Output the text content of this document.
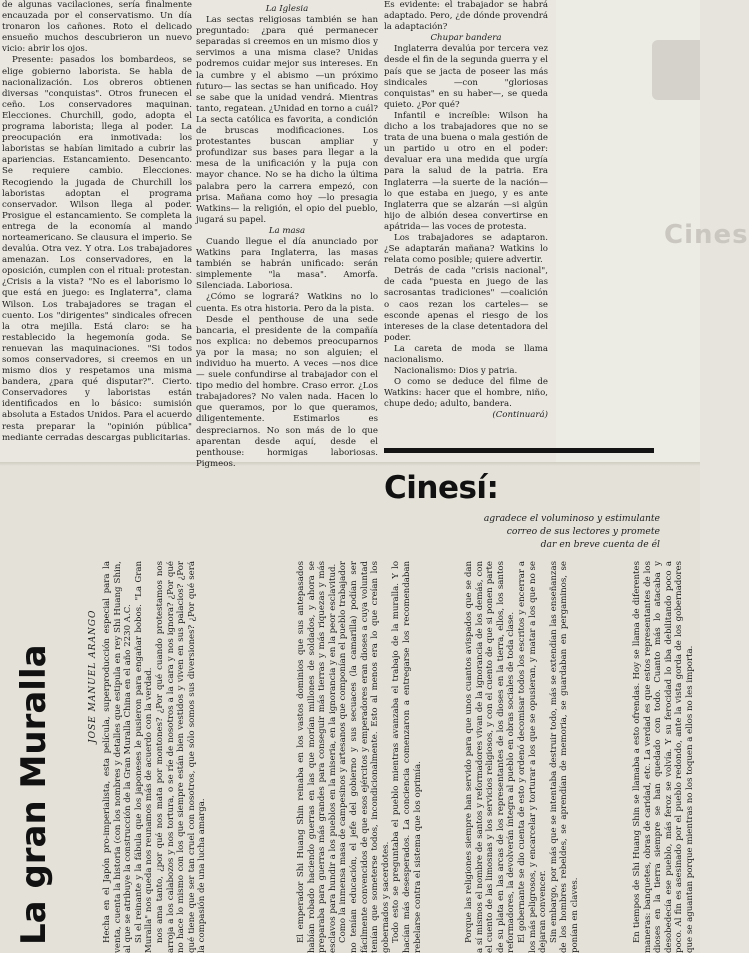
Cines

de algunas vacilaciones, sería finalmente encauzada por el conservatismo. Un día tronaron los cañones. Roto el delicado ensueño muchos descubrieron un nuevo vicio: abrir los ojos.

Presente: pasados los bombardeos, se elige gobierno laborista. Se habla de nacionalización. Los obreros obtienen diversas "conquistas". Otros frunecen el ceño. Los conservadores maquinan. Elecciones. Churchill, godo, adopta el programa laborista; llega al poder. La preocupación era inmotivada: los laboristas se habían limitado a cubrir las apariencias. Estancamiento. Desencanto. Se requiere cambio. Elecciones. Recogiendo la jugada de Churchill los laboristas adoptan el programa conservador. Wilson llega al poder. Prosigue el estancamiento. Se completa la entrega de la economía al mando norteamericano. Se clausura el imperio. Se devalúa. Otra vez. Y otra. Los trabajadores amenazan. Los conservadores, en la oposición, cumplen con el ritual: protestan. ¿Crisis a la vista? "No es el laborismo lo que está en juego: es Inglaterra", clama Wilson. Los trabajadores se tragan el cuento. Los "dirigentes" sindicales ofrecen la otra mejilla. Está claro: se ha restablecido la hegemonía goda. Se renuevan las maquinaciones. "Si todos somos conservadores, si creemos en un mismo dios y respetamos una misma bandera, ¿para qué disputar?". Cierto. Conservadores y laboristas están identificados en lo básico: sumisión absoluta a Estados Unidos. Para el acuerdo resta preparar la "opinión pública" mediante cerradas descargas publicitarias.

La Iglesia

Las sectas religiosas también se han preguntado: ¿para qué permanecer separadas si creemos en un mismo dios y servimos a una misma clase? Unidas podremos cuidar mejor sus intereses. En la cumbre y el abismo —un próximo futuro— las sectas se han unificado. Hoy se sabe que la unidad vendrá. Mientras tanto, regatean. ¿Unidad en torno a cuál? La secta católica es favorita, a condición de bruscas modificaciones. Los protestantes buscan ampliar y profundizar sus bases para llegar a la mesa de la unificación y la puja con mayor chance. No se ha dicho la última palabra pero la carrera empezó, con prisa. Mañana como hoy —lo presagia Watkins— la religión, el opio del pueblo, jugará su papel.

La masa

Cuando llegue el día anunciado por Watkins para Inglaterra, las masas también se habrán unificado: serán simplemente "la masa". Amorfa. Silenciada. Laboriosa.

¿Cómo se logrará? Watkins no lo cuenta. Es otra historia. Pero da la pista.

Desde el penthouse de una sede bancaria, el presidente de la compañía nos explica: no debemos preocuparnos ya por la masa; no son alguien; el individuo ha muerto. A veces —nos dice— suele confundirse al trabajador con el tipo medio del hombre. Craso error. ¿Los trabajadores? No valen nada. Hacen lo que queramos, por lo que queramos, diligentemente. Estimarlos es despreciarnos. No son más de lo que aparentan desde aquí, desde el penthouse: hormigas laboriosas. Pigmeos.

Es evidente: el trabajador se habrá adaptado. Pero, ¿de dónde provendrá la adaptación?

Chupar bandera

Inglaterra devalúa por tercera vez desde el fin de la segunda guerra y el país que se jacta de poseer las más sindicales —con "gloriosas conquistas" en su haber—, se queda quieto. ¿Por qué?

Infantil e increíble: Wilson ha dicho a los trabajadores que no se trata de una buena o mala gestión de un partido u otro en el poder: devaluar era una medida que urgía para la salud de la patria. Era Inglaterra —la suerte de la nación— lo que estaba en juego, y es ante Inglaterra que se alzarán —si algún hijo de albión desea convertirse en apátrida— las voces de protesta.

Los trabajadores se adaptaron. ¿Se adaptarán mañana? Watkins lo relata como posible; quiere advertir.

Detrás de cada "crisis nacional", de cada "puesta en juego de las sacrosantas tradiciones" —coalición o caos rezan los carteles— se esconde apenas el riesgo de los intereses de la clase detentadora del poder.

La careta de moda se llama nacionalismo.

Nacionalismo: Dios y patria.

O como se deduce del filme de Watkins: hacer que el hombre, niño, chupe dedo; adulto, bandera.

(Continuará)

Cinesí:
agradece el voluminoso y estimulante
correo de sus lectores y promete
dar en breve cuenta de él
La gran Muralla	JOSE MANUEL ARANGO Hecha en el Japón pro-imperialista, esta película, superproducción especial para la venta, cuenta la historia (con los nombres y detalles que estipula en rey Shi Huang Shin, al que se atribuye la construcción de la Gran Muralla China en el año 2230 A.C. Si el reinante y la fábula que los japoneses le pusieron para engañar bobos. "La Gran Muralla" nos queda nos reunamos más de acuerdo con la verdad. nos ama tanto, ¿por qué nos mata por montones? ¿Por qué cuando protestamos nos arroja a los calabozos y nos tortura, o se ríe de nosotros a la cara y nos ignora? ¿Por qué no hace lo mismo con los que siempre están bien vestidos y viven en sus palacios? ¿Por qué tiene que ser tan cruel con nosotros, que sólo somos sus diversiones? ¿Por qué será la compasión de una lucha amarga.	El emperador Shi Huang Shin reinaba en los vastos dominios que sus antepasados habían robado haciendo guerras en las que morían millones de soldados, y ahora se preparaba para guerras más grandes para conseguir más tierras y más riquezas y más esclavos para hundir a los pueblos en la miseria, en la ignorancia y en la peor esclavitud. Como la inmensa masa de campesinos y artesanos que componían el pueblo trabajador no tenían educación, el jefe del gobierno y sus secuaces (la camarilla) podían ser fácilmente convencidos de que esos ejércitos y emperadores eran dioses a cuya voluntad tenían que someterse todos, incondicionalmente. Esto al menos era lo que creían los gobernados y sacerdotes. Todo esto se preguntaba el pueblo mientras avanzaba el trabajo de la muralla. Y lo hacían más desesperados. La conciencia comenzaron a entregarse los recomendaban rebelarse contra el sistema que los oprimía.	Porque las religiones siempre han servido para que unos cuantos avispados que se dan a sí mismos el nombre de santos y reformadores vivan de la ignorancia de los demás, con el cuento de las limosnas y los servicios religiosos, y con el cuento de que si ponen parte de su plata en las arcas de los representantes de los dioses en la tierra, ellos, los santos reformadores, la devolverán íntegra al pueblo en obras sociales de toda clase. El gobernante se dio cuenta de esto y ordenó decomisar todos los escritos y encerrar a los más peligrosos, y encarcelar y torturar a los que se opusieran, y matar a los que no se dejaran convencer. Sin embargo, por más que se intentaba destruir todo, más se extendían las enseñanzas de los hombres rebeldes, se aprendían de memoria, se guardaban en pergaminos, se ponían en claves.	En tiempos de Shi Huang Shin se llamaba a esto ofrendas. Hoy se llama de diferentes maneras: banquetes, obras de caridad, etc. La verdad es que estos representantes de los dioses en la tierra siempre se han quedado con todo. Cuanto más lo atacaba y desobedecía ese pueblo, más feroz se volvía. Y su ferocidad lo iba debilitando poco a poco. Al fin es asesinado por el pueblo redondo, ante la vista gorda de los gobernadores que se aguantan porque mientras no los toquen a ellos no les importa.
